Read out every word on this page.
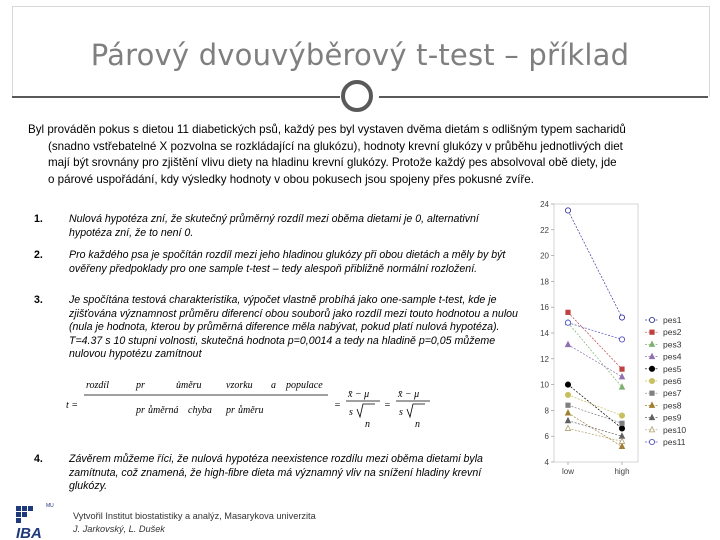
Párový dvouvýběrový t-test – příklad
Byl prováděn pokus s dietou 11 diabetických psů, každý pes byl vystaven dvěma dietám s odlišným typem sacharidů
(snadno vstřebatelné X pozvolna se rozkládající na glukózu), hodnoty krevní glukózy v průběhu jednotlivých diet
mají být srovnány pro zjištění vlivu diety na hladinu krevní glukózy. Protože každý pes absolvoval obě diety, jde
o párové uspořádání, kdy výsledky hodnoty v obou pokusech jsou spojeny přes pokusné zvíře.
1. Nulová hypotéza zní, že skutečný průměrný rozdíl mezi oběma dietami je 0, alternativní hypotéza zní, že to není 0.
2. Pro každého psa je spočítán rozdíl mezi jeho hladinou glukózy při obou dietách a měly by být ověřeny předpoklady pro one sample t-test – tedy alespoň přibližně normální rozložení.
3. Je spočítána testová charakteristika, výpočet vlastně probíhá jako one-sample t-test, kde je zjišťována významnost průměru diferencí obou souborů jako rozdíl mezi touto hodnotou a nulou (nula je hodnota, kterou by průměrná diference měla nabývat, pokud platí nulová hypotéza). T=4.37 s 10 stupni volnosti, skutečná hodnota p=0,0014 a tedy na hladině p=0,05 můžeme nulovou hypotézu zamítnout
4. Závěrem můžeme říci, že nulová hypotéza neexistence rozdílu mezi oběma dietami byla zamítnuta, což znamená, že high-fibre dieta má významný vliv na snížení hladiny krevní glukózy.
t =
rozdíl	pr	ůměru vzorku a populace
pr ůměrná chyba pr ůměru	=
x̄ − μ
s
n
=
x̄ − μ
s
n
MU
IBA
Vytvořil Institut biostatistiky a analýz, Masarykova univerzita
J. Jarkovský, L. Dušek
4
6
8
10
12
14
16
18
20
22
24
low	high
pes1
pes2
pes3
pes4
pes5
pes6
pes7
pes8
pes9
pes10
pes11
